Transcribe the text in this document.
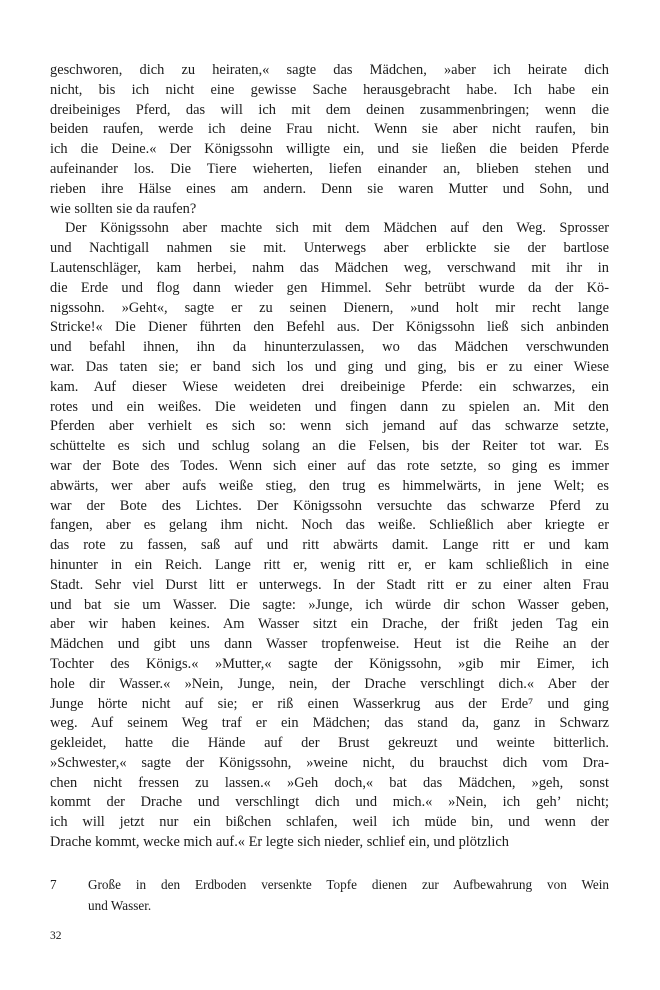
geschworen, dich zu heiraten,« sagte das Mädchen, »aber ich heirate dich
nicht, bis ich nicht eine gewisse Sache herausgebracht habe. Ich habe ein
dreibeiniges Pferd, das will ich mit dem deinen zusammenbringen; wenn die
beiden raufen, werde ich deine Frau nicht. Wenn sie aber nicht raufen, bin
ich die Deine.« Der Königssohn willigte ein, und sie ließen die beiden Pferde
aufeinander los. Die Tiere wieherten, liefen einander an, blieben stehen und
rieben ihre Hälse eines am andern. Denn sie waren Mutter und Sohn, und
wie sollten sie da raufen?
Der Königssohn aber machte sich mit dem Mädchen auf den Weg. Sprosser
und Nachtigall nahmen sie mit. Unterwegs aber erblickte sie der bartlose
Lautenschläger, kam herbei, nahm das Mädchen weg, verschwand mit ihr in
die Erde und flog dann wieder gen Himmel. Sehr betrübt wurde da der Kö-
nigssohn. »Geht«, sagte er zu seinen Dienern, »und holt mir recht lange
Stricke!« Die Diener führten den Befehl aus. Der Königssohn ließ sich anbinden
und befahl ihnen, ihn da hinunterzulassen, wo das Mädchen verschwunden
war. Das taten sie; er band sich los und ging und ging, bis er zu einer Wiese
kam. Auf dieser Wiese weideten drei dreibeinige Pferde: ein schwarzes, ein
rotes und ein weißes. Die weideten und fingen dann zu spielen an. Mit den
Pferden aber verhielt es sich so: wenn sich jemand auf das schwarze setzte,
schüttelte es sich und schlug solang an die Felsen, bis der Reiter tot war. Es
war der Bote des Todes. Wenn sich einer auf das rote setzte, so ging es immer
abwärts, wer aber aufs weiße stieg, den trug es himmelwärts, in jene Welt; es
war der Bote des Lichtes. Der Königssohn versuchte das schwarze Pferd zu
fangen, aber es gelang ihm nicht. Noch das weiße. Schließlich aber kriegte er
das rote zu fassen, saß auf und ritt abwärts damit. Lange ritt er und kam
hinunter in ein Reich. Lange ritt er, wenig ritt er, er kam schließlich in eine
Stadt. Sehr viel Durst litt er unterwegs. In der Stadt ritt er zu einer alten Frau
und bat sie um Wasser. Die sagte: »Junge, ich würde dir schon Wasser geben,
aber wir haben keines. Am Wasser sitzt ein Drache, der frißt jeden Tag ein
Mädchen und gibt uns dann Wasser tropfenweise. Heut ist die Reihe an der
Tochter des Königs.« »Mutter,« sagte der Königssohn, »gib mir Eimer, ich
hole dir Wasser.« »Nein, Junge, nein, der Drache verschlingt dich.« Aber der
Junge hörte nicht auf sie; er riß einen Wasserkrug aus der Erde⁷ und ging
weg. Auf seinem Weg traf er ein Mädchen; das stand da, ganz in Schwarz
gekleidet, hatte die Hände auf der Brust gekreuzt und weinte bitterlich.
»Schwester,« sagte der Königssohn, »weine nicht, du brauchst dich vom Dra-
chen nicht fressen zu lassen.« »Geh doch,« bat das Mädchen, »geh, sonst
kommt der Drache und verschlingt dich und mich.« »Nein, ich geh’ nicht;
ich will jetzt nur ein bißchen schlafen, weil ich müde bin, und wenn der
Drache kommt, wecke mich auf.« Er legte sich nieder, schlief ein, und plötzlich
7	Große in den Erdboden versenkte Topfe dienen zur Aufbewahrung von Wein
und Wasser.
32
